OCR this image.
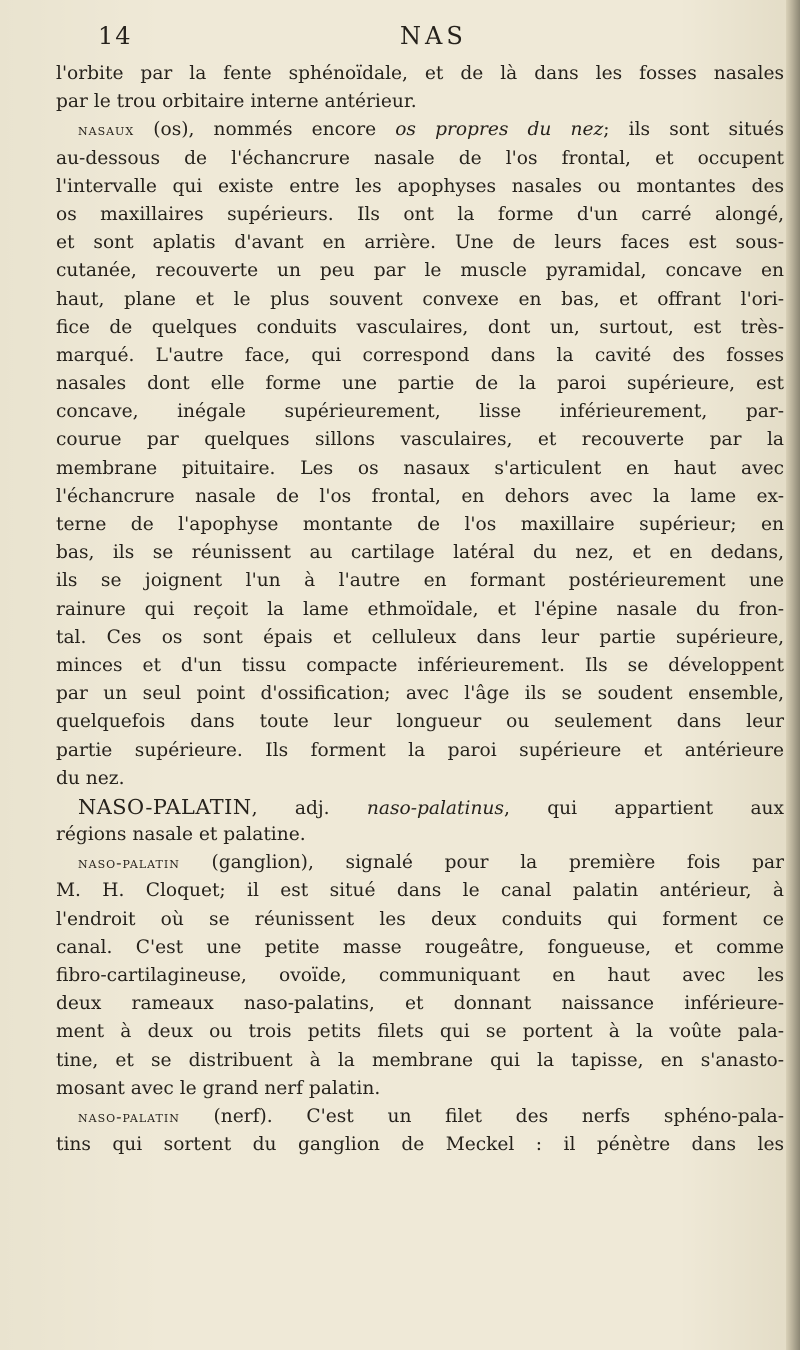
14	NAS
l'orbite par la fente sphénoïdale, et de là dans les fosses nasales
par le trou orbitaire interne antérieur.
nasaux (os), nommés encore os propres du nez; ils sont situés
au-dessous de l'échancrure nasale de l'os frontal, et occupent
l'intervalle qui existe entre les apophyses nasales ou montantes des
os maxillaires supérieurs. Ils ont la forme d'un carré alongé,
et sont aplatis d'avant en arrière. Une de leurs faces est sous-
cutanée, recouverte un peu par le muscle pyramidal, concave en
haut, plane et le plus souvent convexe en bas, et offrant l'ori-
fice de quelques conduits vasculaires, dont un, surtout, est très-
marqué. L'autre face, qui correspond dans la cavité des fosses
nasales dont elle forme une partie de la paroi supérieure, est
concave, inégale supérieurement, lisse inférieurement, par-
courue par quelques sillons vasculaires, et recouverte par la
membrane pituitaire. Les os nasaux s'articulent en haut avec
l'échancrure nasale de l'os frontal, en dehors avec la lame ex-
terne de l'apophyse montante de l'os maxillaire supérieur; en
bas, ils se réunissent au cartilage latéral du nez, et en dedans,
ils se joignent l'un à l'autre en formant postérieurement une
rainure qui reçoit la lame ethmoïdale, et l'épine nasale du fron-
tal. Ces os sont épais et celluleux dans leur partie supérieure,
minces et d'un tissu compacte inférieurement. Ils se développent
par un seul point d'ossification; avec l'âge ils se soudent ensemble,
quelquefois dans toute leur longueur ou seulement dans leur
partie supérieure. Ils forment la paroi supérieure et antérieure
du nez.
NASO-PALATIN, adj. naso-palatinus, qui appartient aux
régions nasale et palatine.
naso-palatin (ganglion), signalé pour la première fois par
M. H. Cloquet; il est situé dans le canal palatin antérieur, à
l'endroit où se réunissent les deux conduits qui forment ce
canal. C'est une petite masse rougeâtre, fongueuse, et comme
fibro-cartilagineuse, ovoïde, communiquant en haut avec les
deux rameaux naso-palatins, et donnant naissance inférieure-
ment à deux ou trois petits filets qui se portent à la voûte pala-
tine, et se distribuent à la membrane qui la tapisse, en s'anasto-
mosant avec le grand nerf palatin.
naso-palatin (nerf). C'est un filet des nerfs sphéno-pala-
tins qui sortent du ganglion de Meckel : il pénètre dans les
